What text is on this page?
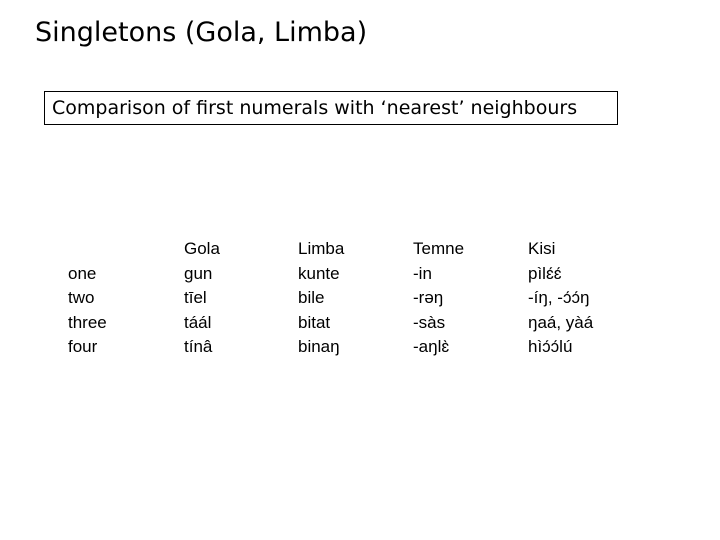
Singletons (Gola, Limba)
Comparison of first numerals with ‘nearest’ neighbours
one
two
three
four
Gola
gun
tīel
táál
tínâ
Limba
kunte
bile
bitat
binaŋ
Temne
-in
-rəŋ
-sàs
-aŋlɛ̀
Kisi
pìlɛ́ɛ́
-íŋ, -ɔ́ɔ́ŋ
ŋaá, yàá
hìɔ́ɔ́lú
